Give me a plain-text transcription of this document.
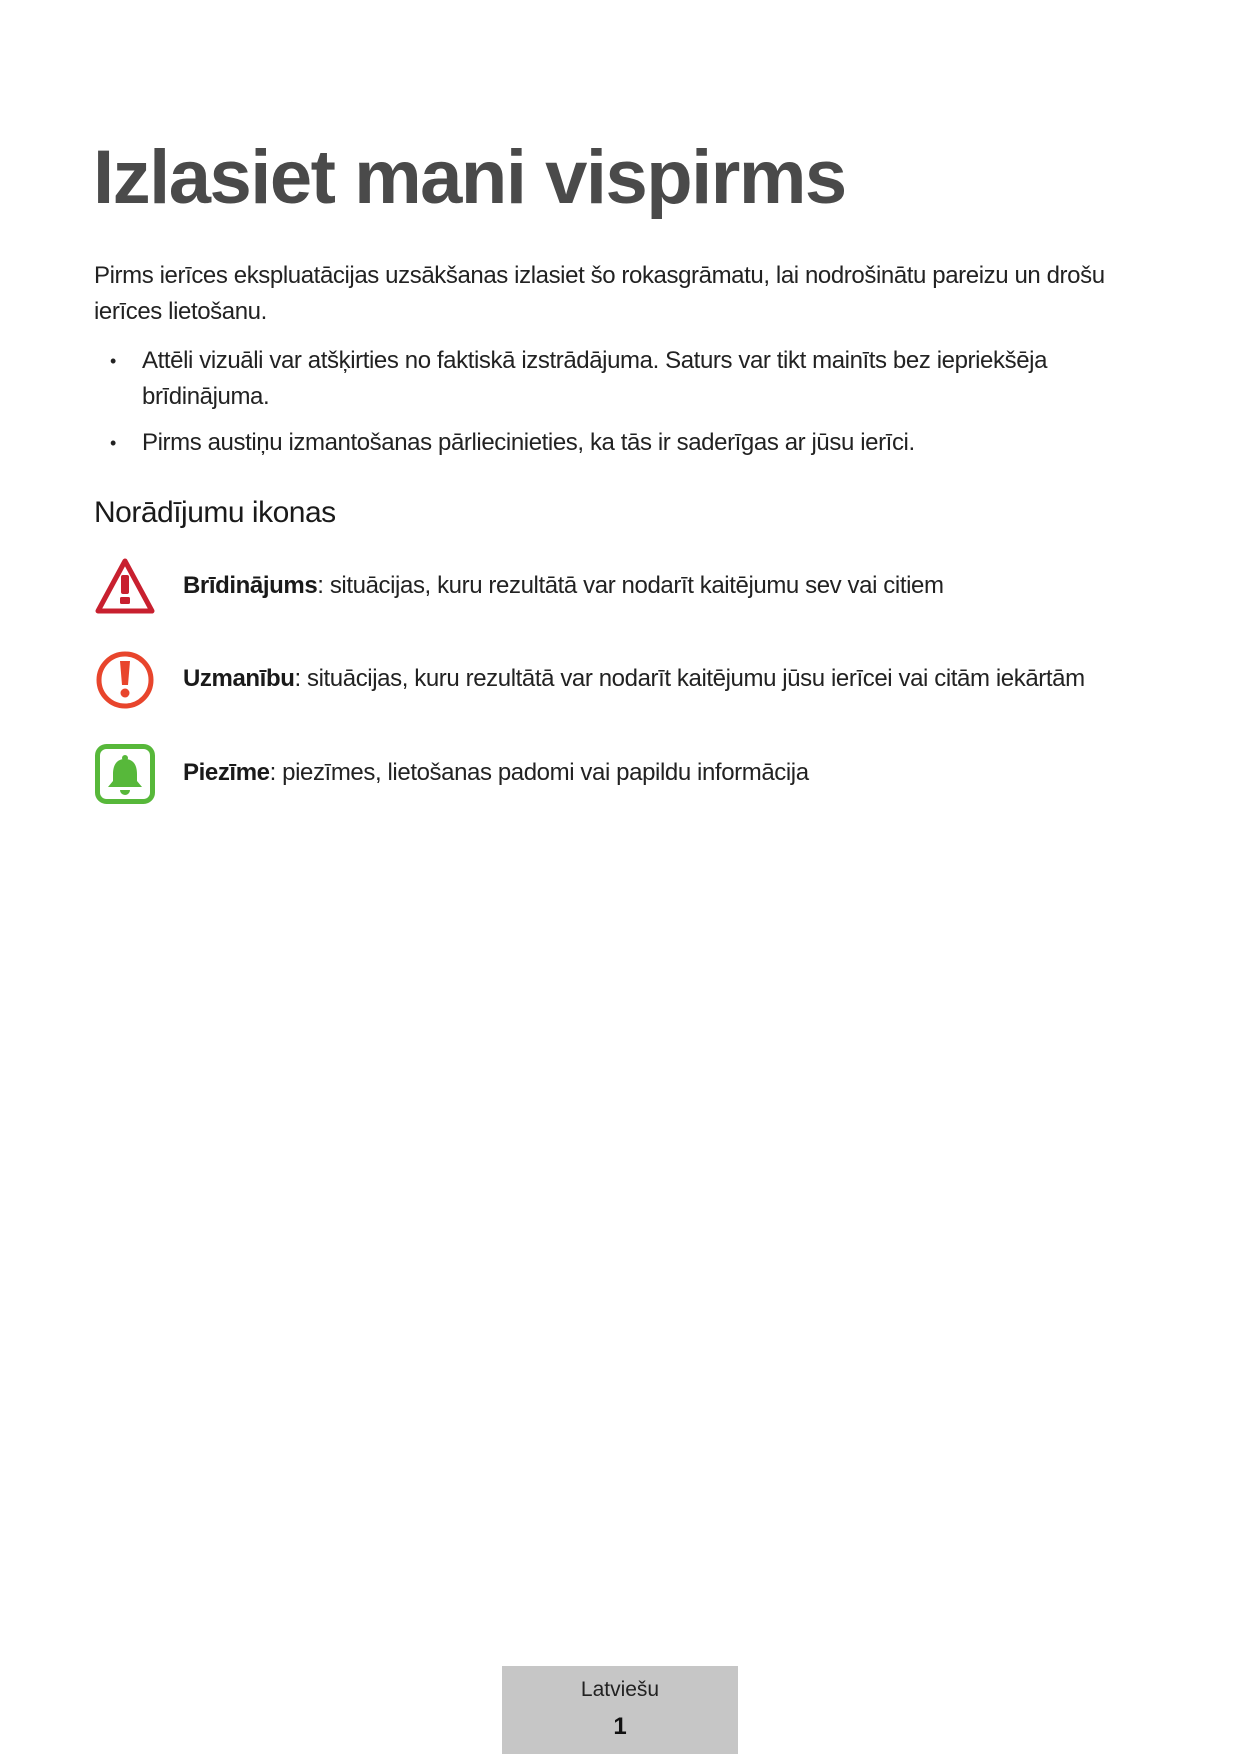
Izlasiet mani vispirms

Pirms ierīces ekspluatācijas uzsākšanas izlasiet šo rokasgrāmatu, lai nodrošinātu pareizu un drošu ierīces lietošanu.

• Attēli vizuāli var atšķirties no faktiskā izstrādājuma. Saturs var tikt mainīts bez iepriekšēja brīdinājuma.
• Pirms austiņu izmantošanas pārliecinieties, ka tās ir saderīgas ar jūsu ierīci.
Norādījumu ikonas
Brīdinājums: situācijas, kuru rezultātā var nodarīt kaitējumu sev vai citiem
Uzmanību: situācijas, kuru rezultātā var nodarīt kaitējumu jūsu ierīcei vai citām iekārtām
Piezīme: piezīmes, lietošanas padomi vai papildu informācija
Latviešu
1
